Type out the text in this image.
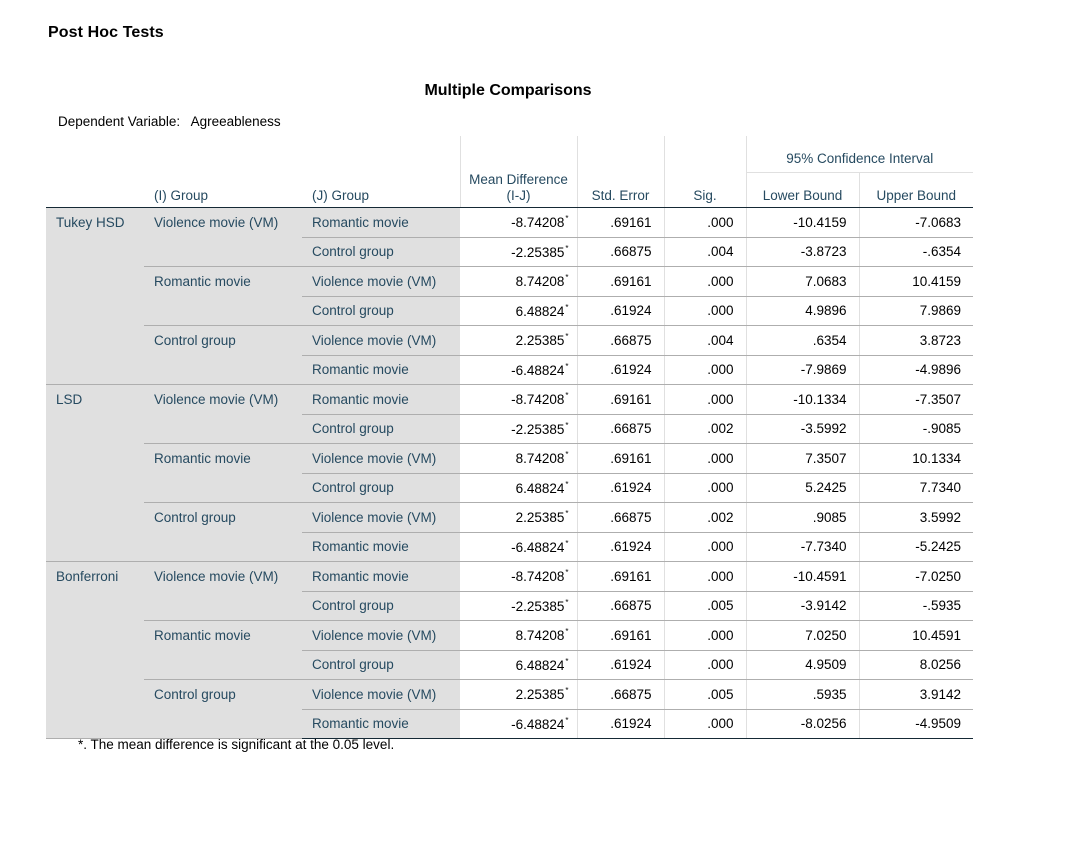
Post Hoc Tests
Multiple Comparisons
Dependent Variable: Agreeableness
			Mean Difference (I-J)			95% Confidence Interval	
	(I) Group	(J) Group		Std. Error	Sig.	Lower Bound	Upper Bound
Tukey HSD	Violence movie (VM)	Romantic movie	-8.74208*	.69161	.000	-10.4159	-7.0683
		Control group	-2.25385*	.66875	.004	-3.8723	-.6354
	Romantic movie	Violence movie (VM)	8.74208*	.69161	.000	7.0683	10.4159
		Control group	6.48824*	.61924	.000	4.9896	7.9869
	Control group	Violence movie (VM)	2.25385*	.66875	.004	.6354	3.8723
		Romantic movie	-6.48824*	.61924	.000	-7.9869	-4.9896
LSD	Violence movie (VM)	Romantic movie	-8.74208*	.69161	.000	-10.1334	-7.3507
		Control group	-2.25385*	.66875	.002	-3.5992	-.9085
	Romantic movie	Violence movie (VM)	8.74208*	.69161	.000	7.3507	10.1334
		Control group	6.48824*	.61924	.000	5.2425	7.7340
	Control group	Violence movie (VM)	2.25385*	.66875	.002	.9085	3.5992
		Romantic movie	-6.48824*	.61924	.000	-7.7340	-5.2425
Bonferroni	Violence movie (VM)	Romantic movie	-8.74208*	.69161	.000	-10.4591	-7.0250
		Control group	-2.25385*	.66875	.005	-3.9142	-.5935
	Romantic movie	Violence movie (VM)	8.74208*	.69161	.000	7.0250	10.4591
		Control group	6.48824*	.61924	.000	4.9509	8.0256
	Control group	Violence movie (VM)	2.25385*	.66875	.005	.5935	3.9142
		Romantic movie	-6.48824*	.61924	.000	-8.0256	-4.9509
*. The mean difference is significant at the 0.05 level.
